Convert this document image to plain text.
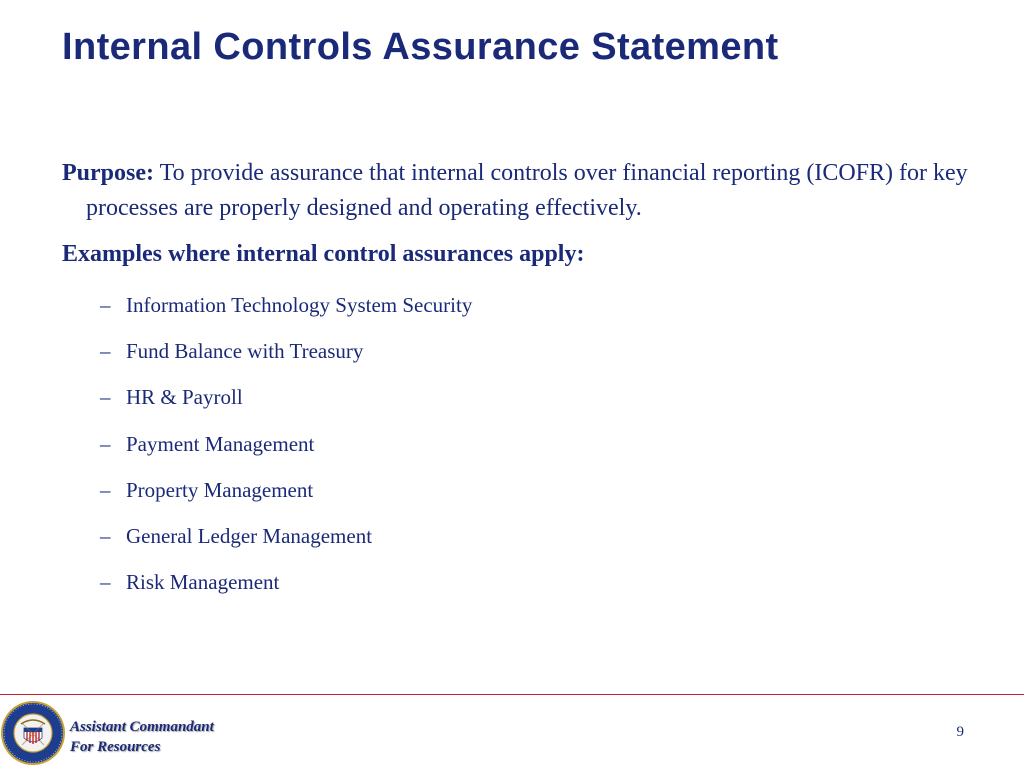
Internal Controls Assurance Statement

Purpose: To provide assurance that internal controls over financial reporting (ICOFR) for key processes are properly designed and operating effectively.

Examples where internal control assurances apply:

– Information Technology System Security
– Fund Balance with Treasury
– HR & Payroll
– Payment Management
– Property Management
– General Ledger Management
– Risk Management

Assistant Commandant
For Resources

9
